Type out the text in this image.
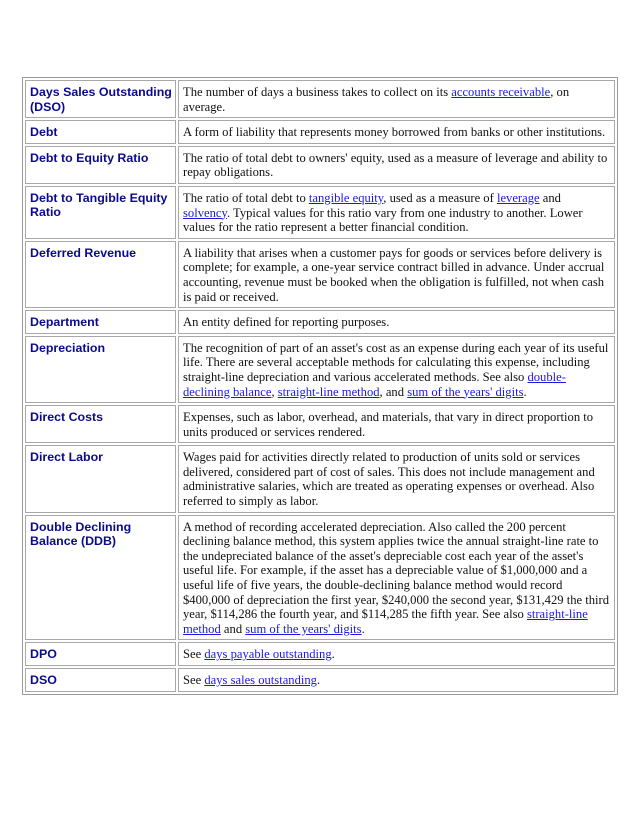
Days Sales Outstanding (DSO)	The number of days a business takes to collect on its accounts receivable, on average.
Debt	A form of liability that represents money borrowed from banks or other institutions.
Debt to Equity Ratio	The ratio of total debt to owners' equity, used as a measure of leverage and ability to repay obligations.
Debt to Tangible Equity Ratio	The ratio of total debt to tangible equity, used as a measure of leverage and solvency. Typical values for this ratio vary from one industry to another. Lower values for the ratio represent a better financial condition.
Deferred Revenue	A liability that arises when a customer pays for goods or services before delivery is complete; for example, a one-year service contract billed in advance. Under accrual accounting, revenue must be booked when the obligation is fulfilled, not when cash is paid or received.
Department	An entity defined for reporting purposes.
Depreciation	The recognition of part of an asset's cost as an expense during each year of its useful life. There are several acceptable methods for calculating this expense, including straight-line depreciation and various accelerated methods. See also double-declining balance, straight-line method, and sum of the years' digits.
Direct Costs	Expenses, such as labor, overhead, and materials, that vary in direct proportion to units produced or services rendered.
Direct Labor	Wages paid for activities directly related to production of units sold or services delivered, considered part of cost of sales. This does not include management and administrative salaries, which are treated as operating expenses or overhead. Also referred to simply as labor.
Double Declining Balance (DDB)	A method of recording accelerated depreciation. Also called the 200 percent declining balance method, this system applies twice the annual straight-line rate to the undepreciated balance of the asset's depreciable cost each year of the asset's useful life. For example, if the asset has a depreciable value of $1,000,000 and a useful life of five years, the double-declining balance method would record $400,000 of depreciation the first year, $240,000 the second year, $131,429 the third year, $114,286 the fourth year, and $114,285 the fifth year. See also straight-line method and sum of the years' digits.
DPO	See days payable outstanding.
DSO	See days sales outstanding.
